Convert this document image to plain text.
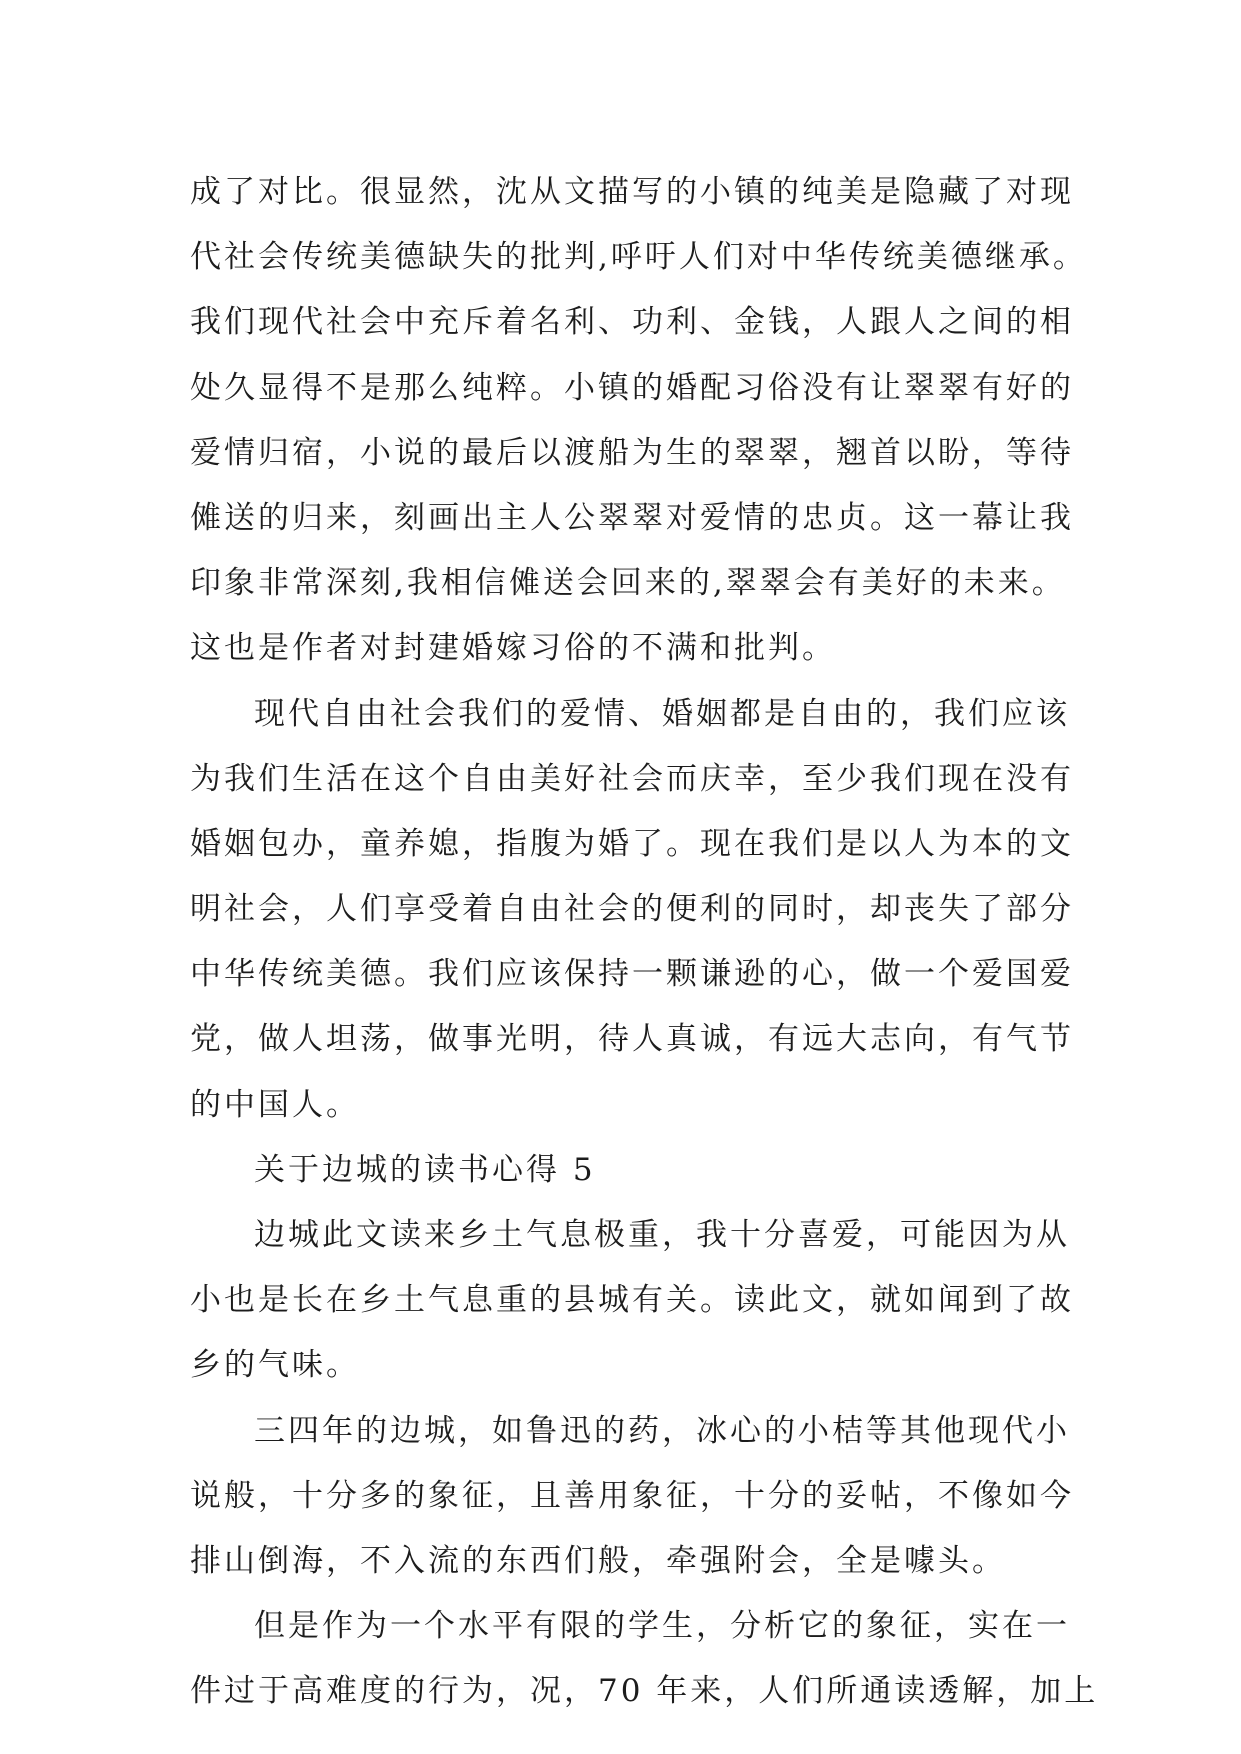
成了对比。很显然，沈从文描写的小镇的纯美是隐藏了对现
代社会传统美德缺失的批判,呼吁人们对中华传统美德继承。
我们现代社会中充斥着名利、功利、金钱，人跟人之间的相
处久显得不是那么纯粹。小镇的婚配习俗没有让翠翠有好的
爱情归宿，小说的最后以渡船为生的翠翠，翘首以盼，等待
傩送的归来，刻画出主人公翠翠对爱情的忠贞。这一幕让我
印象非常深刻,我相信傩送会回来的,翠翠会有美好的未来。
这也是作者对封建婚嫁习俗的不满和批判。
现代自由社会我们的爱情、婚姻都是自由的，我们应该
为我们生活在这个自由美好社会而庆幸，至少我们现在没有
婚姻包办，童养媳，指腹为婚了。现在我们是以人为本的文
明社会，人们享受着自由社会的便利的同时，却丧失了部分
中华传统美德。我们应该保持一颗谦逊的心，做一个爱国爱
党，做人坦荡，做事光明，待人真诚，有远大志向，有气节
的中国人。
关于边城的读书心得 5
边城此文读来乡土气息极重，我十分喜爱，可能因为从
小也是长在乡土气息重的县城有关。读此文，就如闻到了故
乡的气味。
三四年的边城，如鲁迅的药，冰心的小桔等其他现代小
说般，十分多的象征，且善用象征，十分的妥帖，不像如今
排山倒海，不入流的东西们般，牵强附会，全是噱头。
但是作为一个水平有限的学生，分析它的象征，实在一
件过于高难度的行为，况，70 年来，人们所通读透解，加上
